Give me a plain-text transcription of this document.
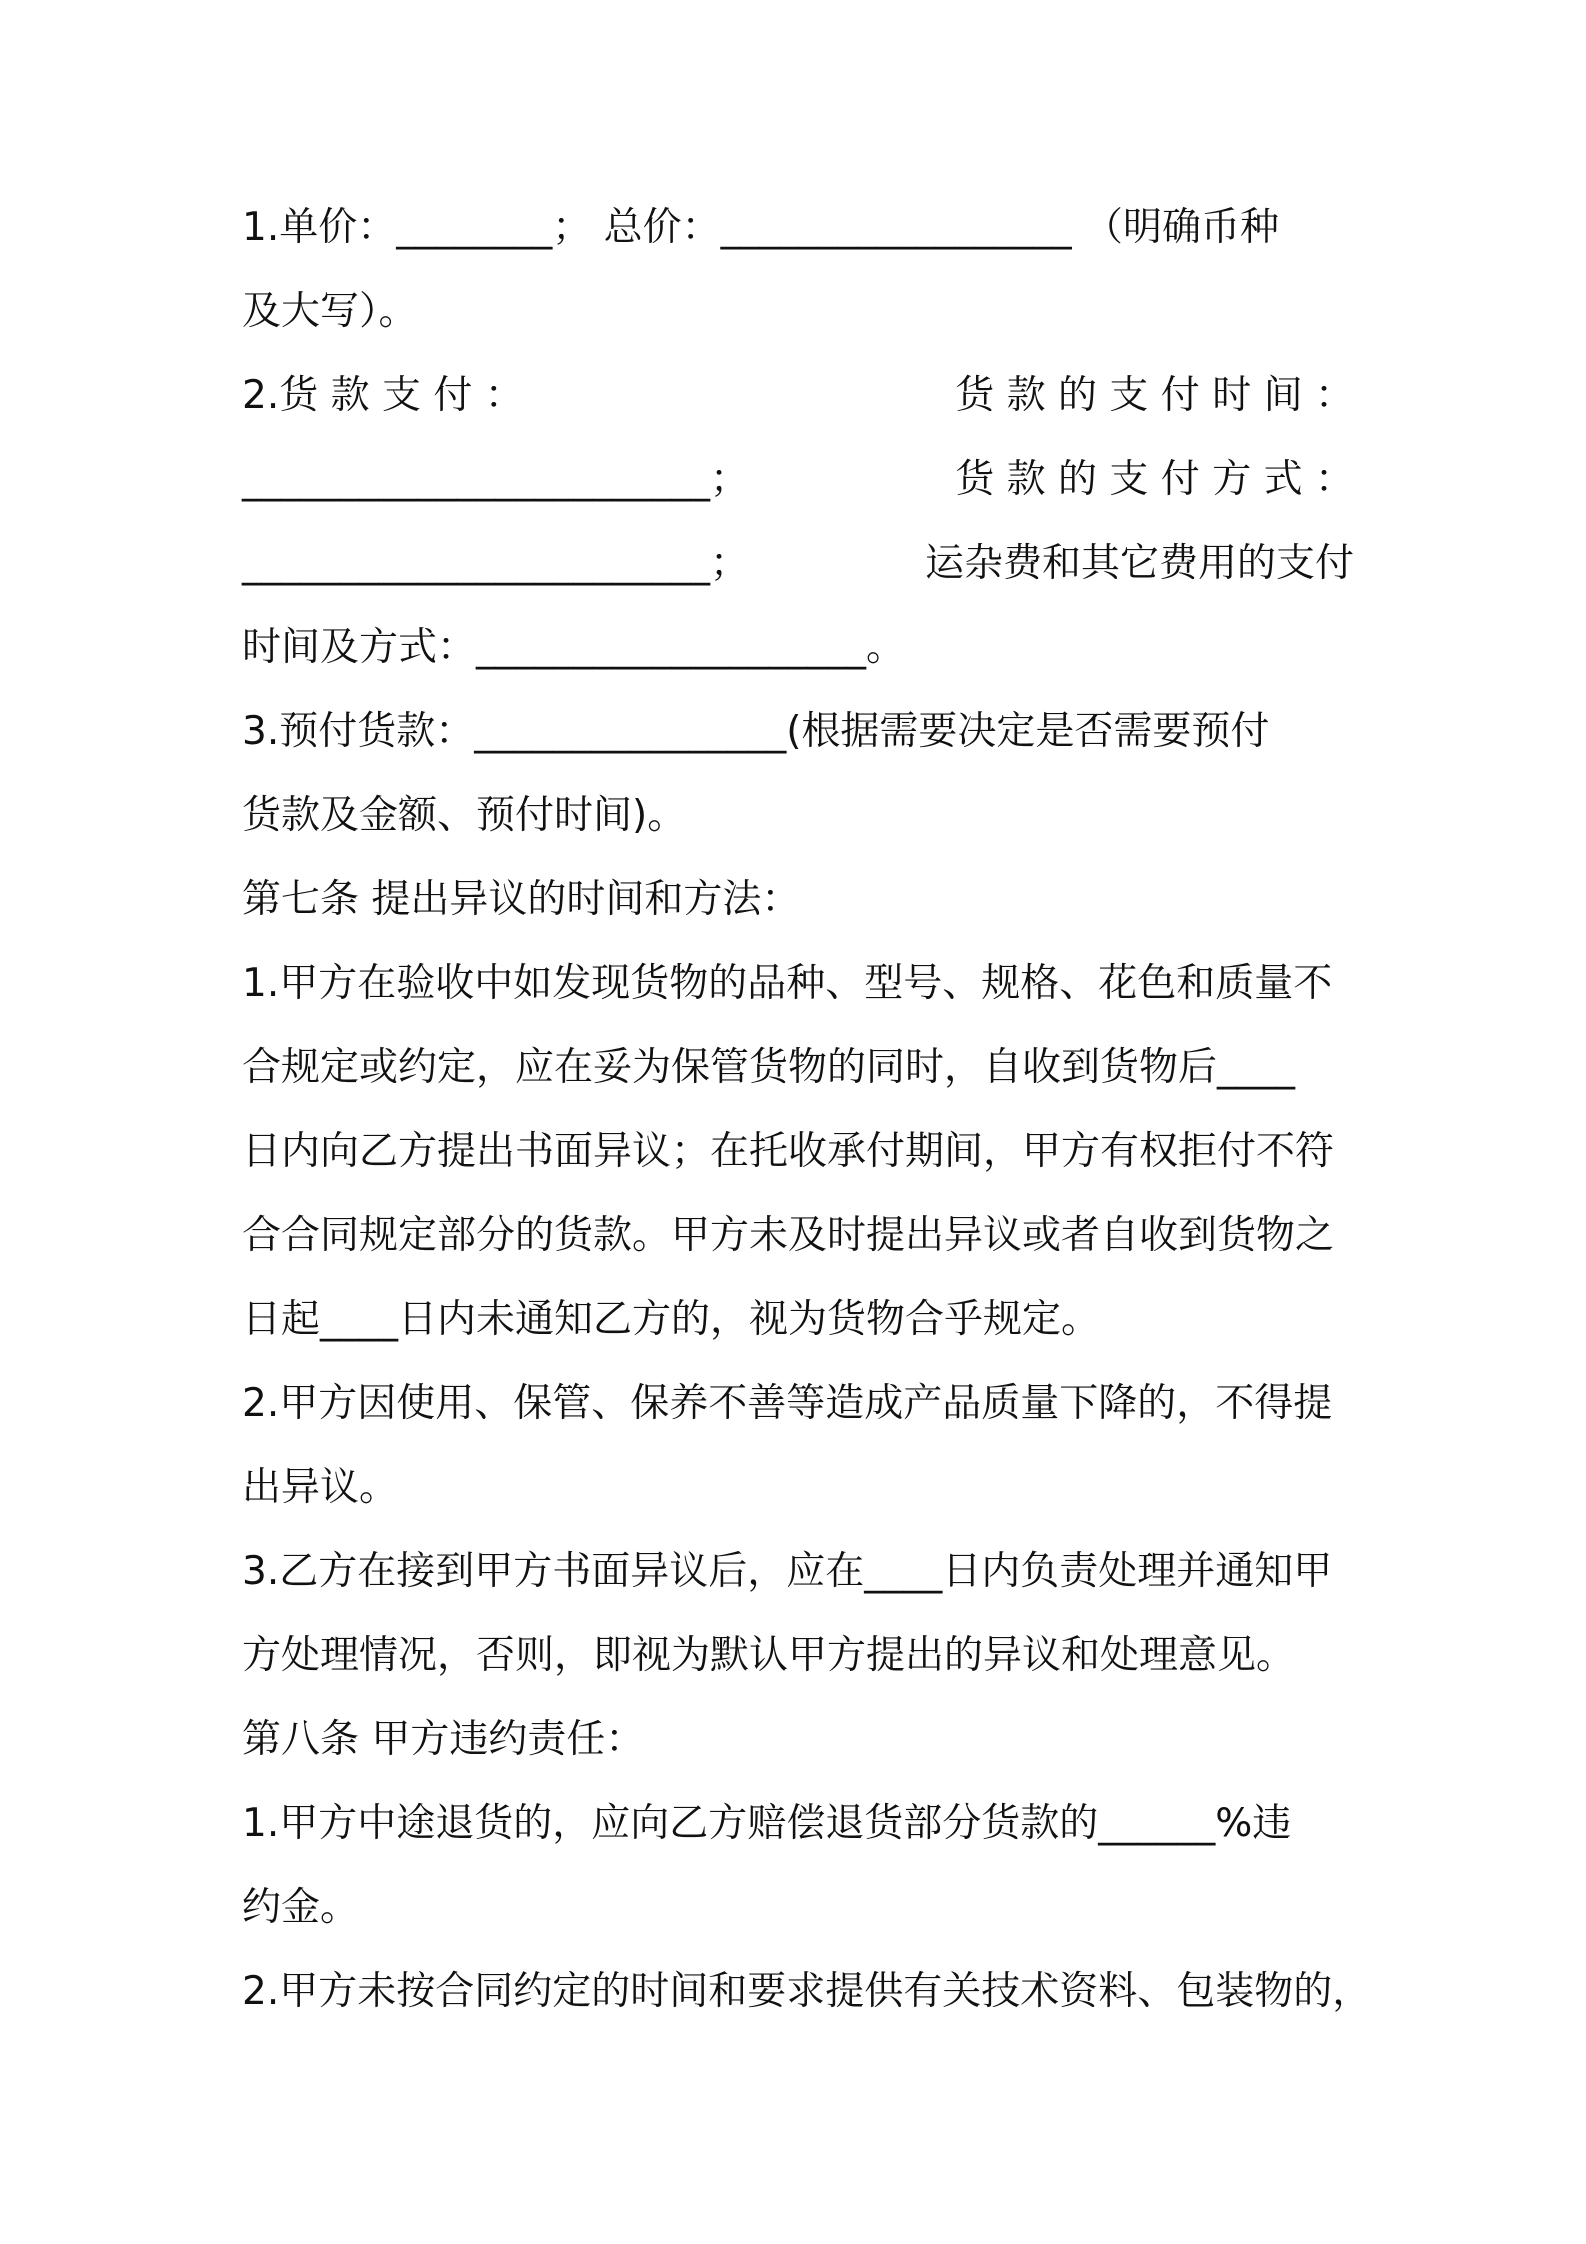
1.单价：________； 总价：__________________ （明确币种
及大写）。
2.货 款 支 付 ：	货 款 的 支 付 时 间 ：
________________________；	货 款 的 支 付 方 式 ：
________________________；	运杂费和其它费用的支付
时间及方式：____________________。
3.预付货款：________________(根据需要决定是否需要预付
货款及金额、预付时间)。
第七条 提出异议的时间和方法：
1.甲方在验收中如发现货物的品种、型号、规格、花色和质量不
合规定或约定，应在妥为保管货物的同时，自收到货物后____
日内向乙方提出书面异议；在托收承付期间，甲方有权拒付不符
合合同规定部分的货款。甲方未及时提出异议或者自收到货物之
日起____日内未通知乙方的，视为货物合乎规定。
2.甲方因使用、保管、保养不善等造成产品质量下降的，不得提
出异议。
3.乙方在接到甲方书面异议后，应在____日内负责处理并通知甲
方处理情况，否则，即视为默认甲方提出的异议和处理意见。
第八条 甲方违约责任：
1.甲方中途退货的，应向乙方赔偿退货部分货款的______%违
约金。
2.甲方未按合同约定的时间和要求提供有关技术资料、包装物的，
